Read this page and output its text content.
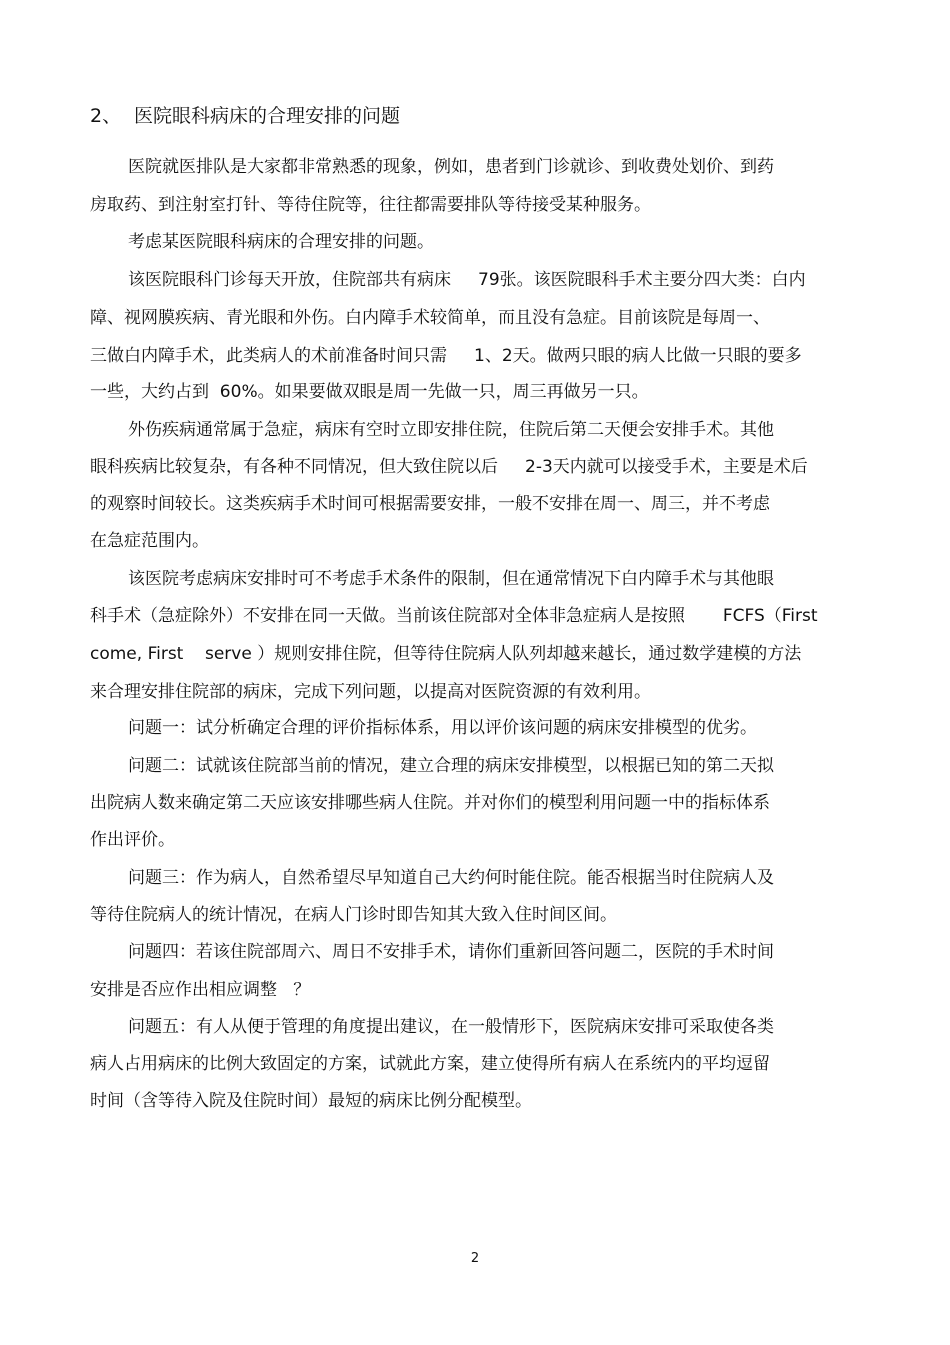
2、 医院眼科病床的合理安排的问题
医院就医排队是大家都非常熟悉的现象，例如，患者到门诊就诊、到收费处划价、到药
房取药、到注射室打针、等待住院等，往往都需要排队等待接受某种服务。
考虑某医院眼科病床的合理安排的问题。
该医院眼科门诊每天开放，住院部共有病床     79张。该医院眼科手术主要分四大类：白内
障、视网膜疾病、青光眼和外伤。白内障手术较简单，而且没有急症。目前该院是每周一、
三做白内障手术，此类病人的术前准备时间只需     1、2天。做两只眼的病人比做一只眼的要多
一些，大约占到  60%。如果要做双眼是周一先做一只，周三再做另一只。
外伤疾病通常属于急症，病床有空时立即安排住院，住院后第二天便会安排手术。其他
眼科疾病比较复杂，有各种不同情况，但大致住院以后     2-3天内就可以接受手术，主要是术后
的观察时间较长。这类疾病手术时间可根据需要安排，一般不安排在周一、周三，并不考虑
在急症范围内。
该医院考虑病床安排时可不考虑手术条件的限制，但在通常情况下白内障手术与其他眼
科手术（急症除外）不安排在同一天做。当前该住院部对全体非急症病人是按照       FCFS（First
come, First    serve ）规则安排住院，但等待住院病人队列却越来越长，通过数学建模的方法
来合理安排住院部的病床，完成下列问题，以提高对医院资源的有效利用。
问题一：试分析确定合理的评价指标体系，用以评价该问题的病床安排模型的优劣。
问题二：试就该住院部当前的情况，建立合理的病床安排模型，以根据已知的第二天拟
出院病人数来确定第二天应该安排哪些病人住院。并对你们的模型利用问题一中的指标体系
作出评价。
问题三：作为病人，自然希望尽早知道自己大约何时能住院。能否根据当时住院病人及
等待住院病人的统计情况，在病人门诊时即告知其大致入住时间区间。
问题四：若该住院部周六、周日不安排手术，请你们重新回答问题二，医院的手术时间
安排是否应作出相应调整   ？
问题五：有人从便于管理的角度提出建议，在一般情形下，医院病床安排可采取使各类
病人占用病床的比例大致固定的方案，试就此方案，建立使得所有病人在系统内的平均逗留
时间（含等待入院及住院时间）最短的病床比例分配模型。
2
